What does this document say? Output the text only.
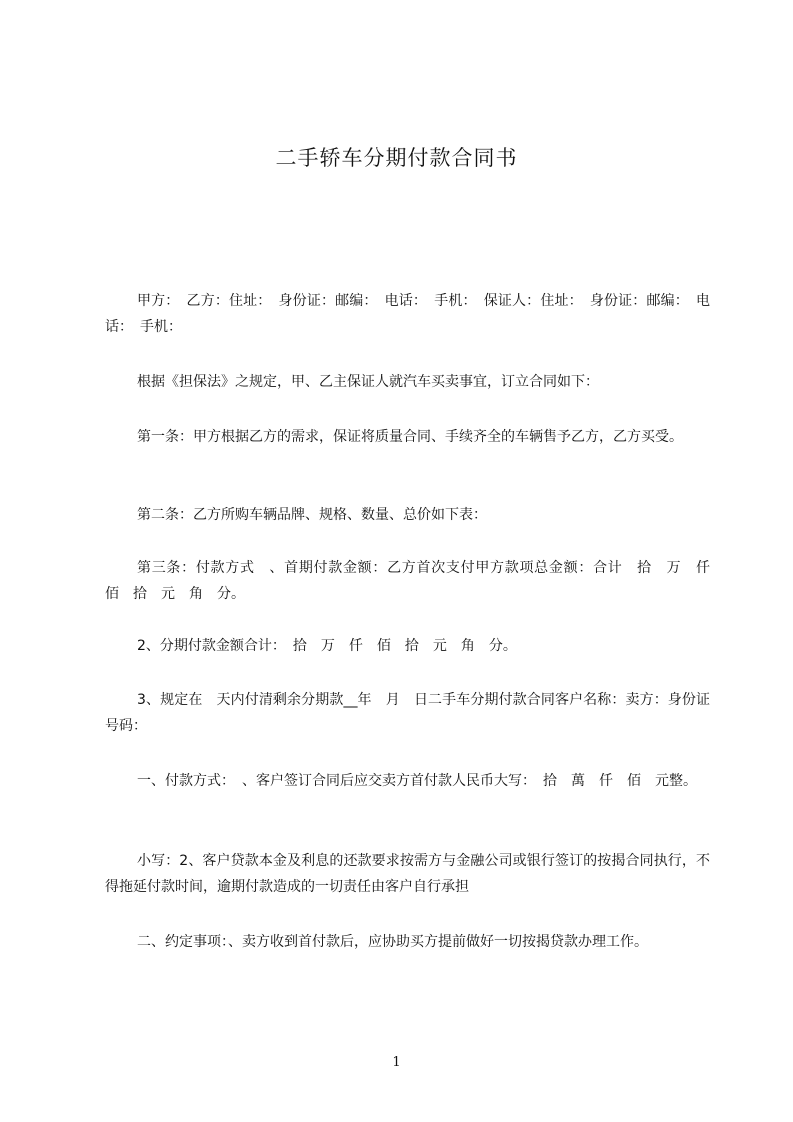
二手轿车分期付款合同书

甲方：　乙方：住址：　身份证：邮编：　电话：　手机：　保证人：住址：　身份证：邮编：　电话：　手机：

根据《担保法》之规定，甲、乙主保证人就汽车买卖事宜，订立合同如下：

第一条：甲方根据乙方的需求，保证将质量合同、手续齐全的车辆售予乙方，乙方买受。

第二条：乙方所购车辆品牌、规格、数量、总价如下表：

第三条：付款方式　、首期付款金额：乙方首次支付甲方款项总金额：合计　拾　万　仟　佰　拾　元　角　分。

2、分期付款金额合计：　拾　万　仟　佰　拾　元　角　分。

3、规定在　天内付清剩余分期款__年　月　日二手车分期付款合同客户名称：卖方：身份证号码：

一、付款方式：　、客户签订合同后应交卖方首付款人民币大写：　拾　萬　仟　佰　元整。

小写：2、客户贷款本金及利息的还款要求按需方与金融公司或银行签订的按揭合同执行，不得拖延付款时间，逾期付款造成的一切责任由客户自行承担

二、约定事项：、卖方收到首付款后，应协助买方提前做好一切按揭贷款办理工作。

1
